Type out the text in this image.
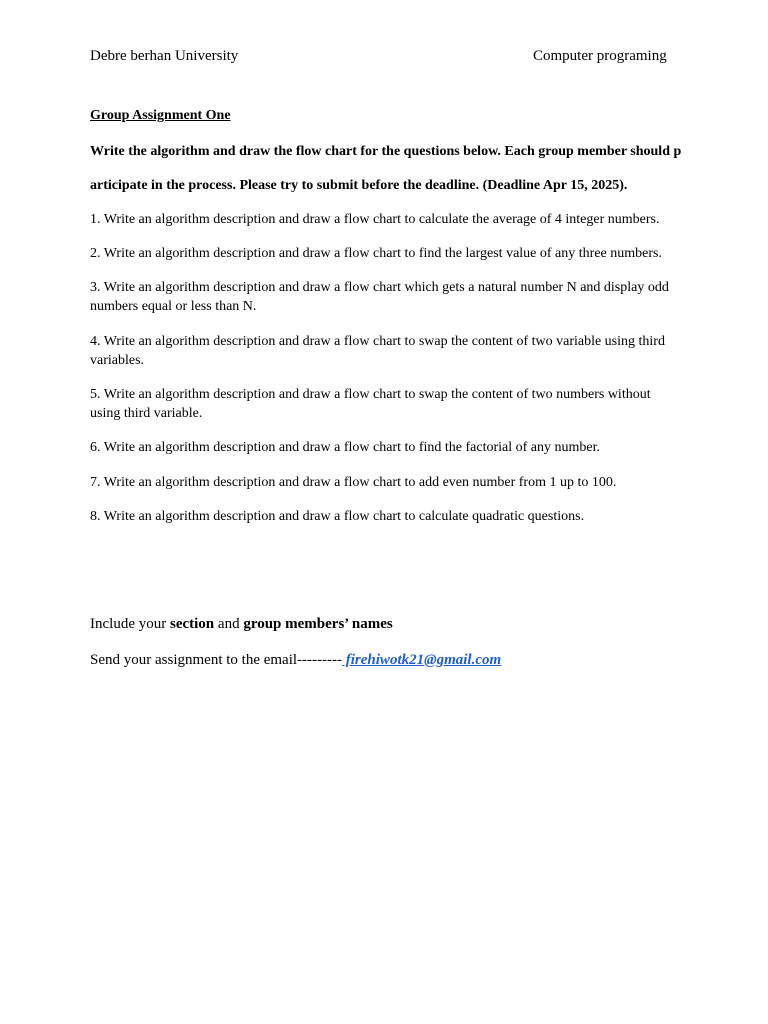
Debre berhan University	Computer programing
Group Assignment One
Write the algorithm and draw the flow chart for the questions below. Each group member should p
articipate in the process. Please try to submit before the deadline. (Deadline Apr 15, 2025).
1. Write an algorithm description and draw a flow chart to calculate the average of 4 integer numbers.
2. Write an algorithm description and draw a flow chart to find the largest value of any three numbers.
3. Write an algorithm description and draw a flow chart which gets a natural number N and display odd numbers equal or less than N.
4. Write an algorithm description and draw a flow chart to swap the content of two variable using third variables.
5. Write an algorithm description and draw a flow chart to swap the content of two numbers without using third variable.
6. Write an algorithm description and draw a flow chart to find the factorial of any number.
7. Write an algorithm description and draw a flow chart to add even number from 1 up to 100.
8. Write an algorithm description and draw a flow chart to calculate quadratic questions.
Include your section and group members’ names
Send your assignment to the email--------- firehiwotk21@gmail.com
